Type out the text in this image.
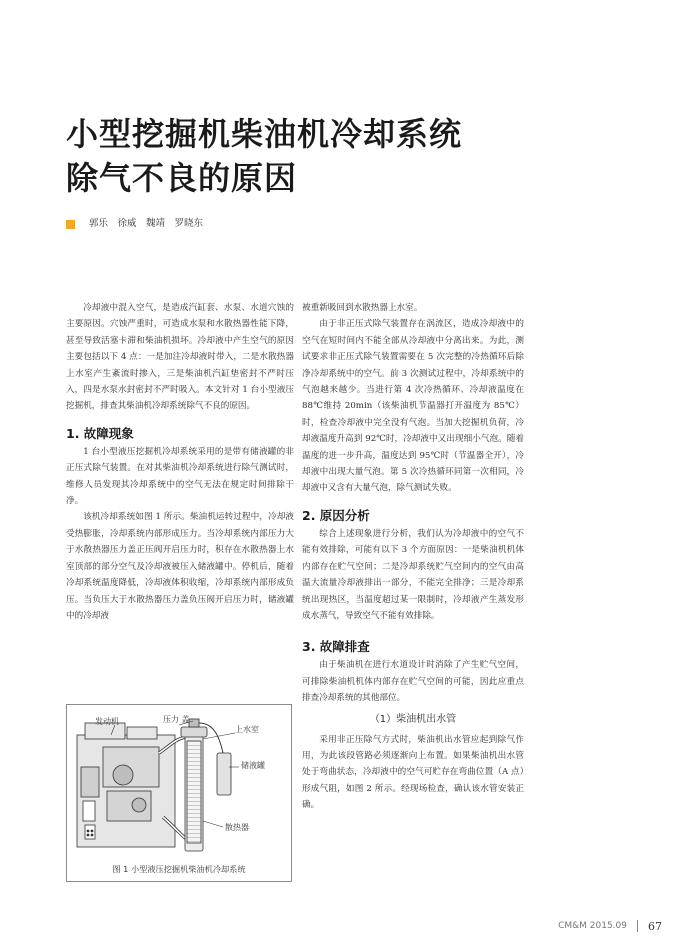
小型挖掘机柴油机冷却系统
除气不良的原因
郭乐　徐威　魏靖　罗晓东

冷却液中混入空气，是造成汽缸套、水泵、水道穴蚀的主要原因。穴蚀严重时，可造成水泵和水散热器性能下降，甚至导致活塞卡滞和柴油机损坏。冷却液中产生空气的原因主要包括以下 4 点：一是加注冷却液时带入，二是水散热器上水室产生紊流时掺入，三是柴油机汽缸垫密封不严时压入，四是水泵水封密封不严时吸入。本文针对 1 台小型液压挖掘机，排查其柴油机冷却系统除气不良的原因。

1. 故障现象

1 台小型液压挖掘机冷却系统采用的是带有储液罐的非正压式除气装置。在对其柴油机冷却系统进行除气测试时，维修人员发现其冷却系统中的空气无法在规定时间排除干净。

该机冷却系统如图 1 所示。柴油机运转过程中，冷却液受热膨胀，冷却系统内部形成压力。当冷却系统内部压力大于水散热器压力盖正压阀开启压力时，积存在水散热器上水室顶部的部分空气及冷却液被压入储液罐中。停机后，随着冷却系统温度降低，冷却液体积收缩，冷却系统内部形成负压。当负压大于水散热器压力盖负压阀开启压力时，储液罐中的冷却液

被重新吸回到水散热器上水室。

由于非正压式除气装置存在涡流区，造成冷却液中的空气在短时间内不能全部从冷却液中分离出来。为此，测试要求非正压式除气装置需要在 5 次完整的冷热循环后除净冷却系统中的空气。前 3 次测试过程中，冷却系统中的气泡越来越少。当进行第 4 次冷热循环、冷却液温度在 88℃维持 20min（该柴油机节温器打开温度为 85℃）时，检查冷却液中完全没有气泡。当加大挖掘机负荷，冷却液温度升高到 92℃时，冷却液中又出现细小气泡。随着温度的进一步升高，温度达到 95℃时（节温器全开），冷却液中出现大量气泡。第 5 次冷热循环同第一次相同，冷却液中又含有大量气泡，除气测试失败。

2. 原因分析

综合上述现象进行分析，我们认为冷却液中的空气不能有效排除，可能有以下 3 个方面原因：一是柴油机机体内部存在贮气空间；二是冷却系统贮气空间内的空气由高温大流量冷却液排出一部分，不能完全排净；三是冷却系统出现热区，当温度超过某一限制时，冷却液产生蒸发形成水蒸气，导致空气不能有效排除。

3. 故障排查

由于柴油机在进行水道设计时消除了产生贮气空间，可排除柴油机机体内部存在贮气空间的可能，因此应重点排查冷却系统的其他部位。

（1）柴油机出水管

采用非正压除气方式时，柴油机出水管应起到除气作用，为此该段管路必须逐渐向上布置。如果柴油机出水管处于弯曲状态，冷却液中的空气可贮存在弯曲位置（A 点）形成气阻，如图 2 所示。经现场检查，确认该水管安装正确。

发动机	压力 盖
上水室
储液罐
散热器
图 1 小型液压挖掘机柴油机冷却系统
CM&M 2015.09 67
